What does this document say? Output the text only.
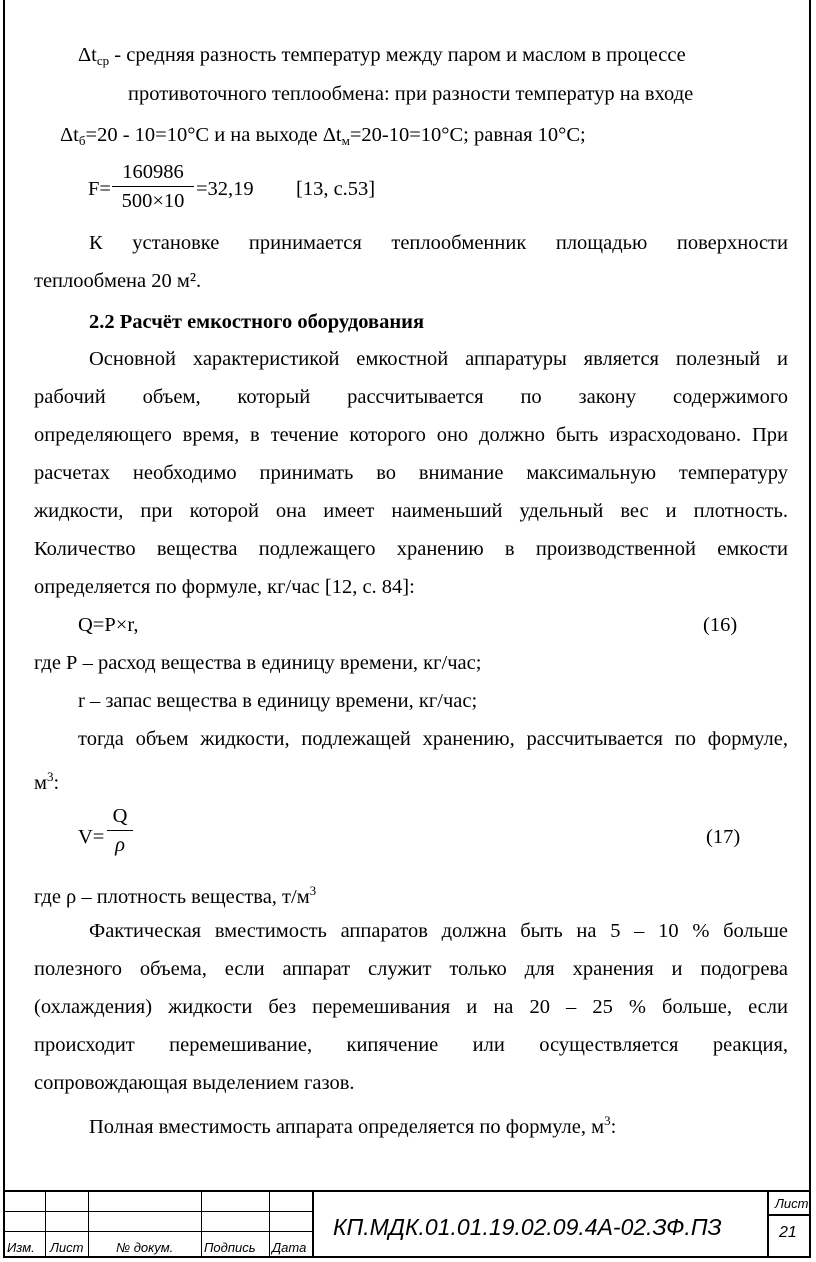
$\Delta t_{ср}$ - средняя разность температур между паром и маслом в процессе
противоточного теплообмена: при разности температур на входе
$\Delta t_б=20 - 10=10^\circ С$ и на выходе $\Delta t_м=20-10=10^\circ С$; равная 10°С;
F=
160986
500×10
=32,19 [13, с.53]
К установке принимается теплообменник площадью поверхности
теплообмена 20 м².
2.2 Расчёт емкостного оборудования
Основной характеристикой емкостной аппаратуры является полезный и
рабочий объем, который рассчитывается по закону содержимого
определяющего время, в течение которого оно должно быть израсходовано. При
расчетах необходимо принимать во внимание максимальную температуру
жидкости, при которой она имеет наименьший удельный вес и плотность.
Количество вещества подлежащего хранению в производственной емкости
определяется по формуле, кг/час [12, с. 84]:
Q=P×r,	(16)
где Р – расход вещества в единицу времени, кг/час;
r – запас вещества в единицу времени, кг/час;
тогда объем жидкости, подлежащей хранению, рассчитывается по формуле,
$м^3$:
V=
Q
ρ	(17)
где ρ – плотность вещества, $т/м^3$
Фактическая вместимость аппаратов должна быть на 5 – 10 % больше
полезного объема, если аппарат служит только для хранения и подогрева
(охлаждения) жидкости без перемешивания и на 20 – 25 % больше, если
происходит перемешивание, кипячение или осуществляется реакция,
сопровождающая выделением газов.
Полная вместимость аппарата определяется по формуле, $м^3$:
Изм. Лист	№ докум. Подпись Дата
КП.МДК.01.01.19.02.09.4А-02.ЗФ.ПЗ
Лист
21
